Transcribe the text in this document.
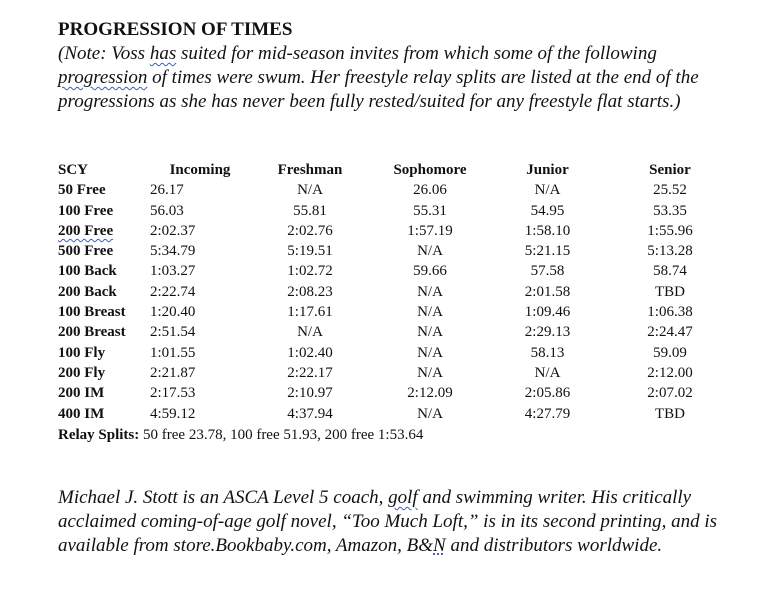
PROGRESSION OF TIMES

(Note: Voss has suited for mid-season invites from which some of the following progression of times were swum. Her freestyle relay splits are listed at the end of the progressions as she has never been fully rested/suited for any freestyle flat starts.)

SCY	Incoming	Freshman	Sophomore	Junior	Senior
50 Free	26.17	N/A	26.06	N/A	25.52
100 Free	56.03	55.81	55.31	54.95	53.35
200 Free	2:02.37	2:02.76	1:57.19	1:58.10	1:55.96
500 Free	5:34.79	5:19.51	N/A	5:21.15	5:13.28
100 Back	1:03.27	1:02.72	59.66	57.58	58.74
200 Back	2:22.74	2:08.23	N/A	2:01.58	TBD
100 Breast	1:20.40	1:17.61	N/A	1:09.46	1:06.38
200 Breast	2:51.54	N/A	N/A	2:29.13	2:24.47
100 Fly	1:01.55	1:02.40	N/A	58.13	59.09
200 Fly	2:21.87	2:22.17	N/A	N/A	2:12.00
200 IM	2:17.53	2:10.97	2:12.09	2:05.86	2:07.02
400 IM	4:59.12	4:37.94	N/A	4:27.79	TBD
Relay Splits: 50 free 23.78, 100 free 51.93, 200 free 1:53.64

Michael J. Stott is an ASCA Level 5 coach, golf and swimming writer. His critically acclaimed coming-of-age golf novel, “Too Much Loft,” is in its second printing, and is available from store.Bookbaby.com, Amazon, B&N and distributors worldwide.
